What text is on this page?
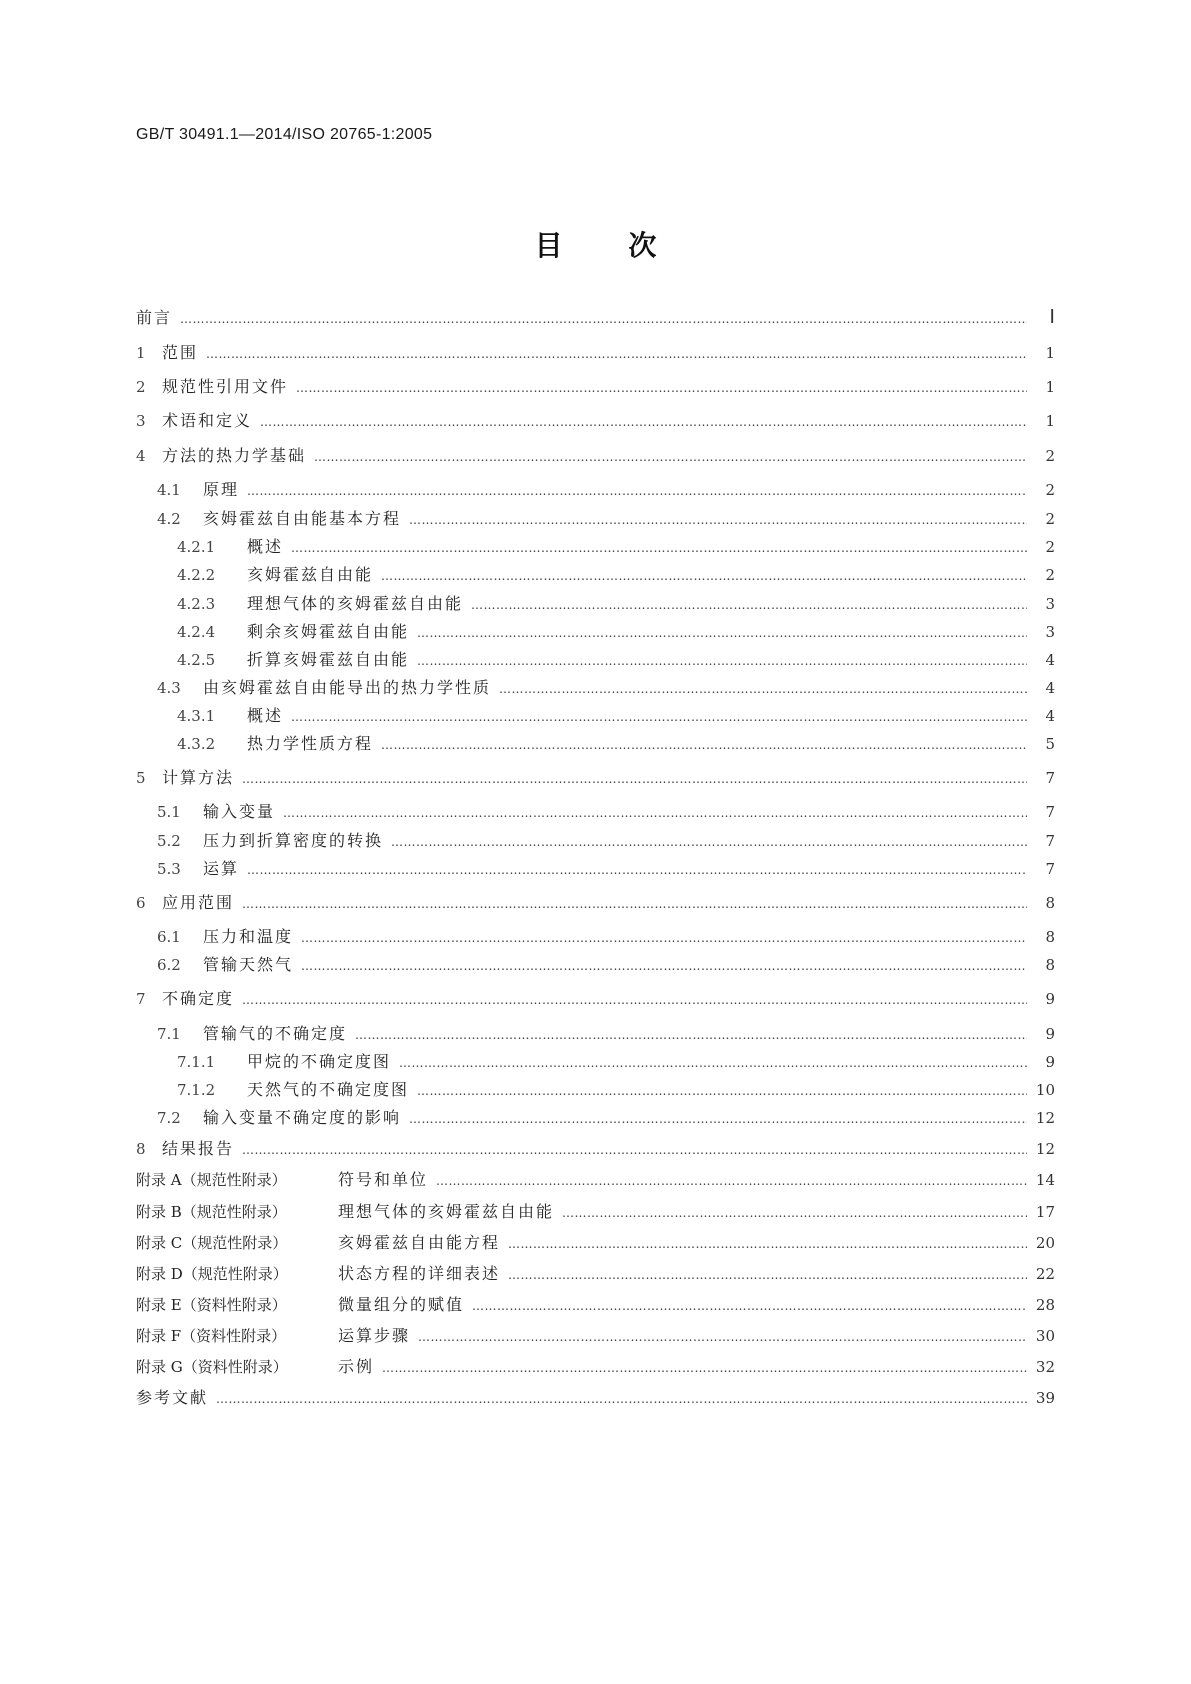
GB/T 30491.1—2014/ISO 20765-1:2005
目 次
前言 ………………………………………………………………………………………………………………………………………………………………………………………………………………………………………………………………………………………	Ⅰ
1	范围 ………………………………………………………………………………………………………………………………………………………………………………………………………………………………………………………………………………………	1
2	规范性引用文件 ………………………………………………………………………………………………………………………………………………………………………………………………………………………………………………………………………………………	1
3	术语和定义 ………………………………………………………………………………………………………………………………………………………………………………………………………………………………………………………………………………………	1
4	方法的热力学基础 ………………………………………………………………………………………………………………………………………………………………………………………………………………………………………………………………………………………	2
4.1	原理 ………………………………………………………………………………………………………………………………………………………………………………………………………………………………………………………………………………………	2
4.2	亥姆霍兹自由能基本方程 ………………………………………………………………………………………………………………………………………………………………………………………………………………………………………………………………………………………	2
4.2.1	概述 ………………………………………………………………………………………………………………………………………………………………………………………………………………………………………………………………………………………	2
4.2.2	亥姆霍兹自由能 ………………………………………………………………………………………………………………………………………………………………………………………………………………………………………………………………………………………	2
4.2.3	理想气体的亥姆霍兹自由能 ………………………………………………………………………………………………………………………………………………………………………………………………………………………………………………………………………………………	3
4.2.4	剩余亥姆霍兹自由能 ………………………………………………………………………………………………………………………………………………………………………………………………………………………………………………………………………………………	3
4.2.5	折算亥姆霍兹自由能 ………………………………………………………………………………………………………………………………………………………………………………………………………………………………………………………………………………………	4
4.3	由亥姆霍兹自由能导出的热力学性质 ………………………………………………………………………………………………………………………………………………………………………………………………………………………………………………………………………………………	4
4.3.1	概述 ………………………………………………………………………………………………………………………………………………………………………………………………………………………………………………………………………………………	4
4.3.2	热力学性质方程 ………………………………………………………………………………………………………………………………………………………………………………………………………………………………………………………………………………………	5
5	计算方法 ………………………………………………………………………………………………………………………………………………………………………………………………………………………………………………………………………………………	7
5.1	输入变量 ………………………………………………………………………………………………………………………………………………………………………………………………………………………………………………………………………………………	7
5.2	压力到折算密度的转换 ………………………………………………………………………………………………………………………………………………………………………………………………………………………………………………………………………………………	7
5.3	运算 ………………………………………………………………………………………………………………………………………………………………………………………………………………………………………………………………………………………	7
6	应用范围 ………………………………………………………………………………………………………………………………………………………………………………………………………………………………………………………………………………………	8
6.1	压力和温度 ………………………………………………………………………………………………………………………………………………………………………………………………………………………………………………………………………………………	8
6.2	管输天然气 ………………………………………………………………………………………………………………………………………………………………………………………………………………………………………………………………………………………	8
7	不确定度 ………………………………………………………………………………………………………………………………………………………………………………………………………………………………………………………………………………………	9
7.1	管输气的不确定度 ………………………………………………………………………………………………………………………………………………………………………………………………………………………………………………………………………………………	9
7.1.1	甲烷的不确定度图 ………………………………………………………………………………………………………………………………………………………………………………………………………………………………………………………………………………………	9
7.1.2	天然气的不确定度图 ………………………………………………………………………………………………………………………………………………………………………………………………………………………………………………………………………………………	10
7.2	输入变量不确定度的影响 ………………………………………………………………………………………………………………………………………………………………………………………………………………………………………………………………………………………	12
8	结果报告 ………………………………………………………………………………………………………………………………………………………………………………………………………………………………………………………………………………………	12
附录 A（规范性附录）	符号和单位 ………………………………………………………………………………………………………………………………………………………………………………………………………………………………………………………………………………………	14
附录 B（规范性附录）	理想气体的亥姆霍兹自由能 ………………………………………………………………………………………………………………………………………………………………………………………………………………………………………………………………………………………	17
附录 C（规范性附录）	亥姆霍兹自由能方程 ………………………………………………………………………………………………………………………………………………………………………………………………………………………………………………………………………………………	20
附录 D（规范性附录）	状态方程的详细表述 ………………………………………………………………………………………………………………………………………………………………………………………………………………………………………………………………………………………	22
附录 E（资料性附录）	微量组分的赋值 ………………………………………………………………………………………………………………………………………………………………………………………………………………………………………………………………………………………	28
附录 F（资料性附录）	运算步骤 ………………………………………………………………………………………………………………………………………………………………………………………………………………………………………………………………………………………	30
附录 G（资料性附录）	示例 ………………………………………………………………………………………………………………………………………………………………………………………………………………………………………………………………………………………	32
参考文献 ………………………………………………………………………………………………………………………………………………………………………………………………………………………………………………………………………………………	39
